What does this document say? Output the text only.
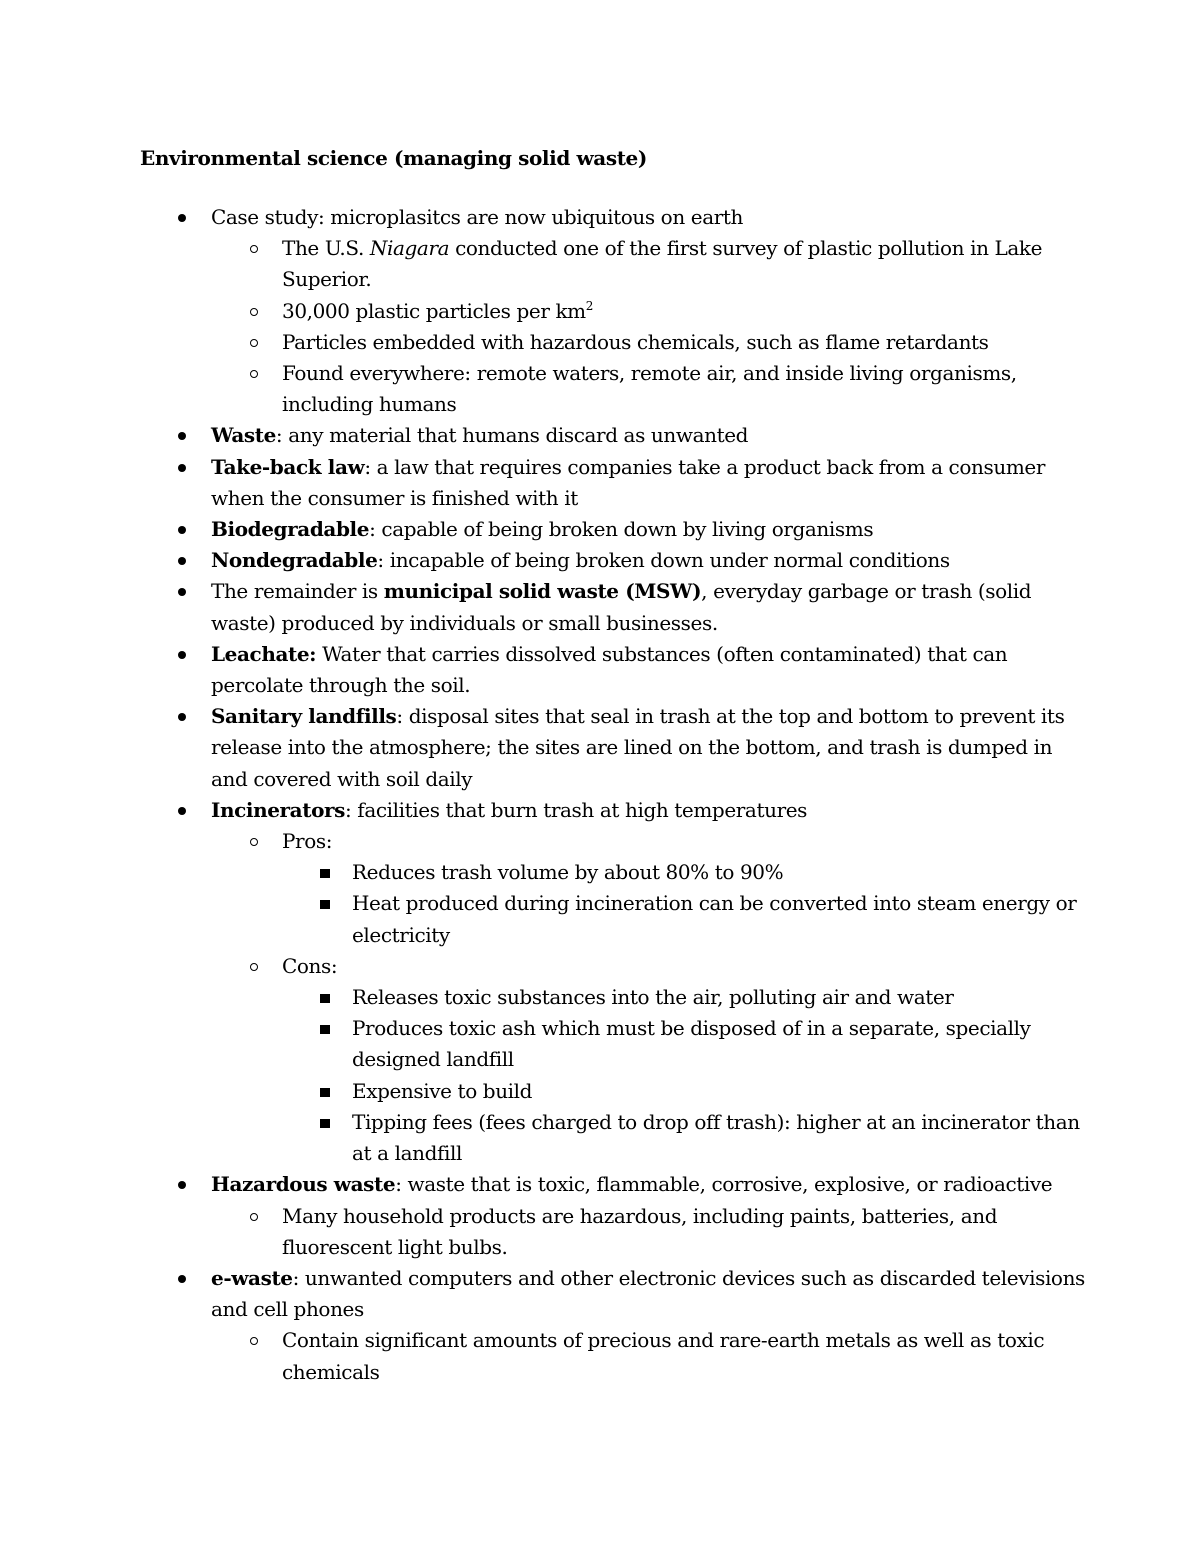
Environmental science (managing solid waste)
Case study: microplasitcs are now ubiquitous on earth
The U.S. Niagara conducted one of the first survey of plastic pollution in Lake Superior.
30,000 plastic particles per $km^2$
Particles embedded with hazardous chemicals, such as flame retardants
Found everywhere: remote waters, remote air, and inside living organisms, including humans
Waste: any material that humans discard as unwanted
Take-back law: a law that requires companies take a product back from a consumer when the consumer is finished with it
Biodegradable: capable of being broken down by living organisms
Nondegradable: incapable of being broken down under normal conditions
The remainder is municipal solid waste (MSW), everyday garbage or trash (solid waste) produced by individuals or small businesses.
Leachate: Water that carries dissolved substances (often contaminated) that can percolate through the soil.
Sanitary landfills: disposal sites that seal in trash at the top and bottom to prevent its release into the atmosphere; the sites are lined on the bottom, and trash is dumped in and covered with soil daily
Incinerators: facilities that burn trash at high temperatures
Pros:
Reduces trash volume by about 80% to 90%
Heat produced during incineration can be converted into steam energy or electricity
Cons:
Releases toxic substances into the air, polluting air and water
Produces toxic ash which must be disposed of in a separate, specially designed landfill
Expensive to build
Tipping fees (fees charged to drop off trash): higher at an incinerator than at a landfill
Hazardous waste: waste that is toxic, flammable, corrosive, explosive, or radioactive
Many household products are hazardous, including paints, batteries, and fluorescent light bulbs.
e-waste: unwanted computers and other electronic devices such as discarded televisions and cell phones
Contain significant amounts of precious and rare-earth metals as well as toxic chemicals
